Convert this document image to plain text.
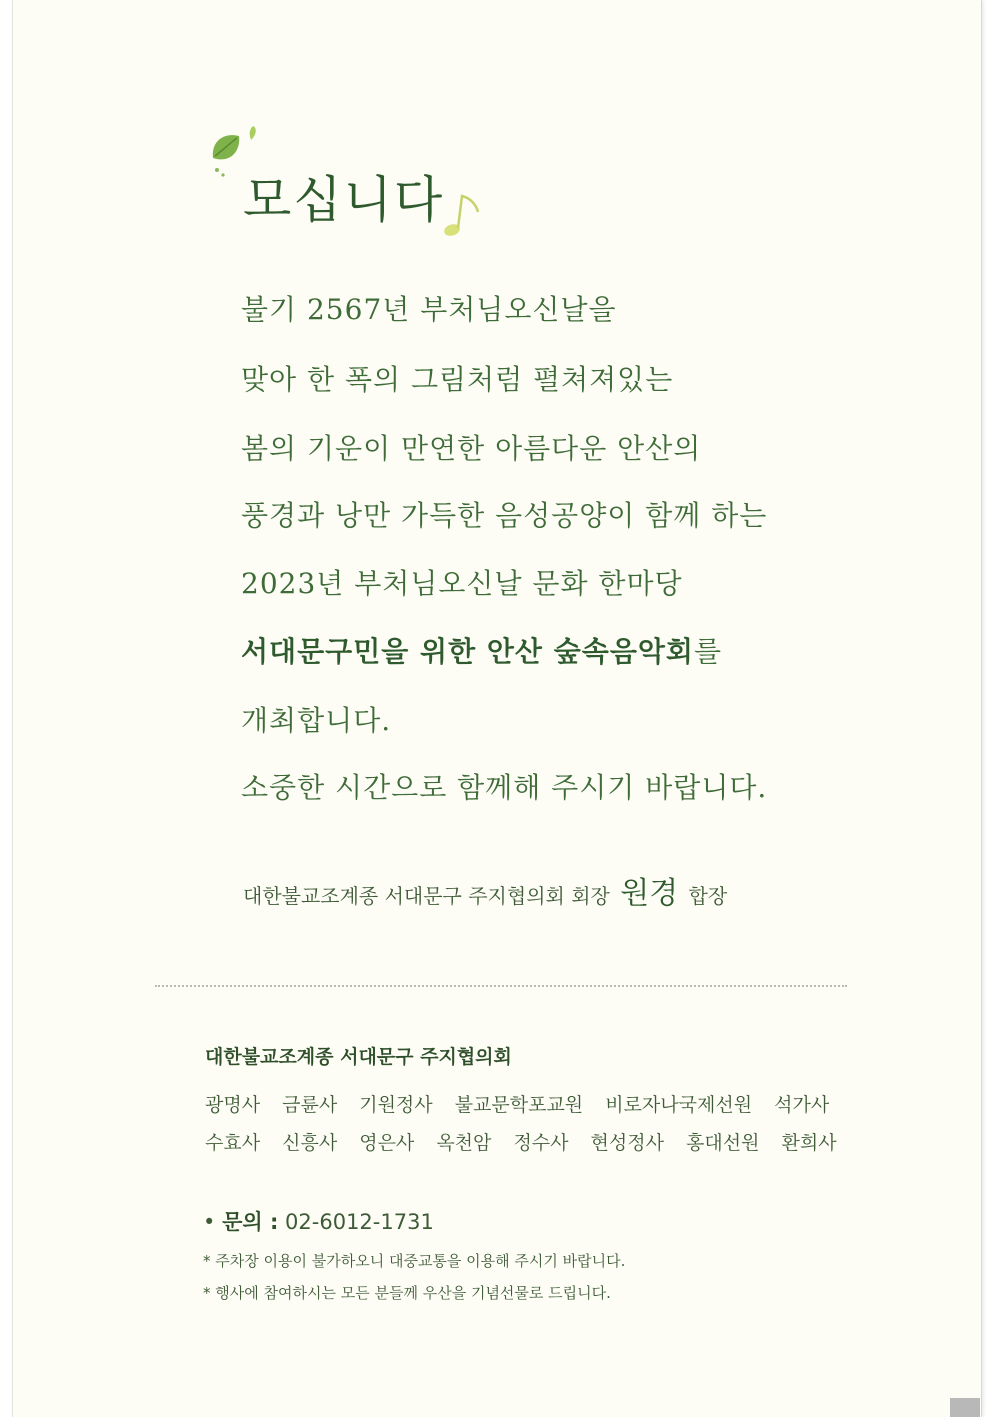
모십니다
불기 2567년 부처님오신날을
맞아 한 폭의 그림처럼 펼쳐져있는
봄의 기운이 만연한 아름다운 안산의
풍경과 낭만 가득한 음성공양이 함께 하는
2023년 부처님오신날 문화 한마당
서대문구민을 위한 안산 숲속음악회를
개최합니다.
소중한 시간으로 함께해 주시기 바랍니다.
대한불교조계종 서대문구 주지협의회 회장 원경 합장
대한불교조계종 서대문구 주지협의회
광명사 금륜사 기원정사 불교문학포교원 비로자나국제선원 석가사
수효사 신흥사 영은사 옥천암 정수사 현성정사 홍대선원 환희사
• 문의 : 02-6012-1731
* 주차장 이용이 불가하오니 대중교통을 이용해 주시기 바랍니다.
* 행사에 참여하시는 모든 분들께 우산을 기념선물로 드립니다.
